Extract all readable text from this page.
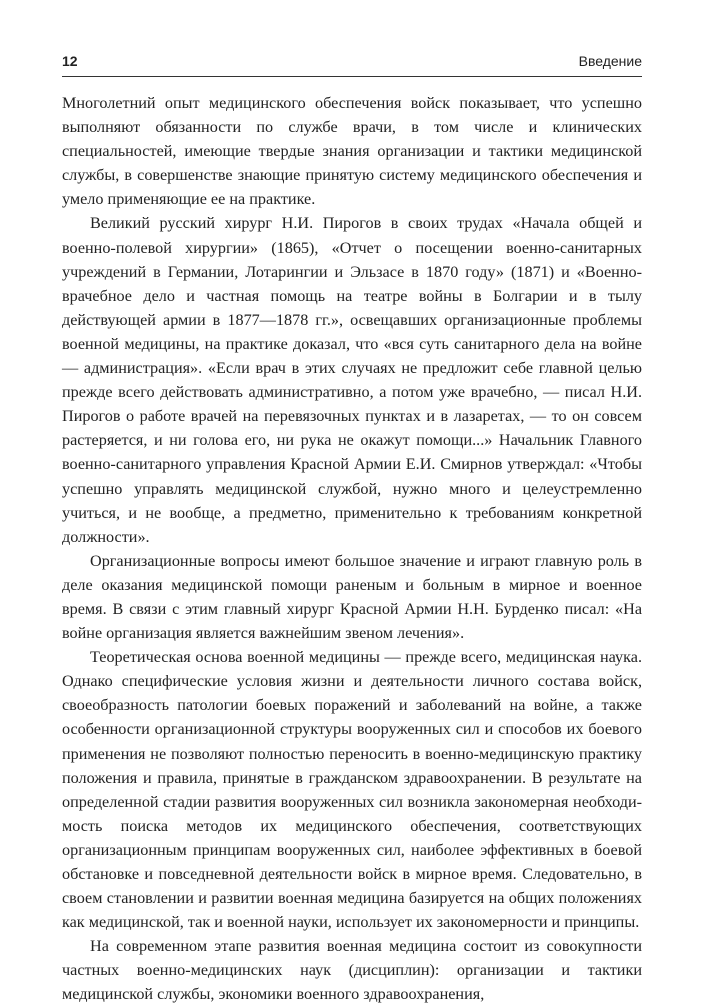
12	Введение

Многолетний опыт медицинского обеспечения войск показывает, что успешно выполняют обязанности по службе врачи, в том числе и клинических специальностей, имеющие твердые знания организации и тактики медицинской службы, в совершенстве знающие принятую систему медицинского обеспечения и умело применяющие ее на практике.

Великий русский хирург Н.И. Пирогов в своих трудах «Начала общей и военно-полевой хирургии» (1865), «Отчет о посещении военно-санитарных учреждений в Германии, Лотарингии и Эльзасе в 1870 году» (1871) и «Военно-врачебное дело и частная помощь на театре войны в Болгарии и в тылу действующей армии в 1877—1878 гг.», освещавших организационные проблемы военной медицины, на практике доказал, что «вся суть санитарного дела на войне — администрация». «Если врач в этих случаях не предложит себе главной целью прежде всего действовать административно, а потом уже врачебно, — писал Н.И. Пирогов о работе врачей на перевязочных пунктах и в лазаретах, — то он совсем растеряется, и ни голова его, ни рука не окажут помощи...» Начальник Главного военно-санитарного управления Красной Армии Е.И. Смирнов утверждал: «Чтобы успешно управлять медицинской службой, нужно много и целеустремленно учиться, и не вообще, а предметно, применительно к требованиям конкретной должности».

Организационные вопросы имеют большое значение и играют главную роль в деле оказания медицинской помощи раненым и больным в мирное и военное время. В связи с этим главный хирург Красной Армии Н.Н. Бурденко писал: «На войне организация является важнейшим звеном лечения».

Теоретическая основа военной медицины — прежде всего, медицинская наука. Однако специфические условия жизни и деятельности личного состава войск, своеобразность патологии боевых поражений и заболеваний на войне, а также особенности организационной структуры вооруженных сил и способов их боевого применения не позволяют полностью переносить в военно-медицинскую практику положения и правила, принятые в гражданском здравоохранении. В результате на определенной стадии развития вооруженных сил возникла закономерная необходимость поиска методов их медицинского обеспечения, соответствующих организационным принципам вооруженных сил, наиболее эффективных в боевой обстановке и повседневной деятельности войск в мирное время. Следовательно, в своем становлении и развитии военная медицина базируется на общих положениях как медицинской, так и военной науки, использует их закономерности и принципы.

На современном этапе развития военная медицина состоит из совокупности частных военно-медицинских наук (дисциплин): организации и тактики медицинской службы, экономики военного здравоохранения,
